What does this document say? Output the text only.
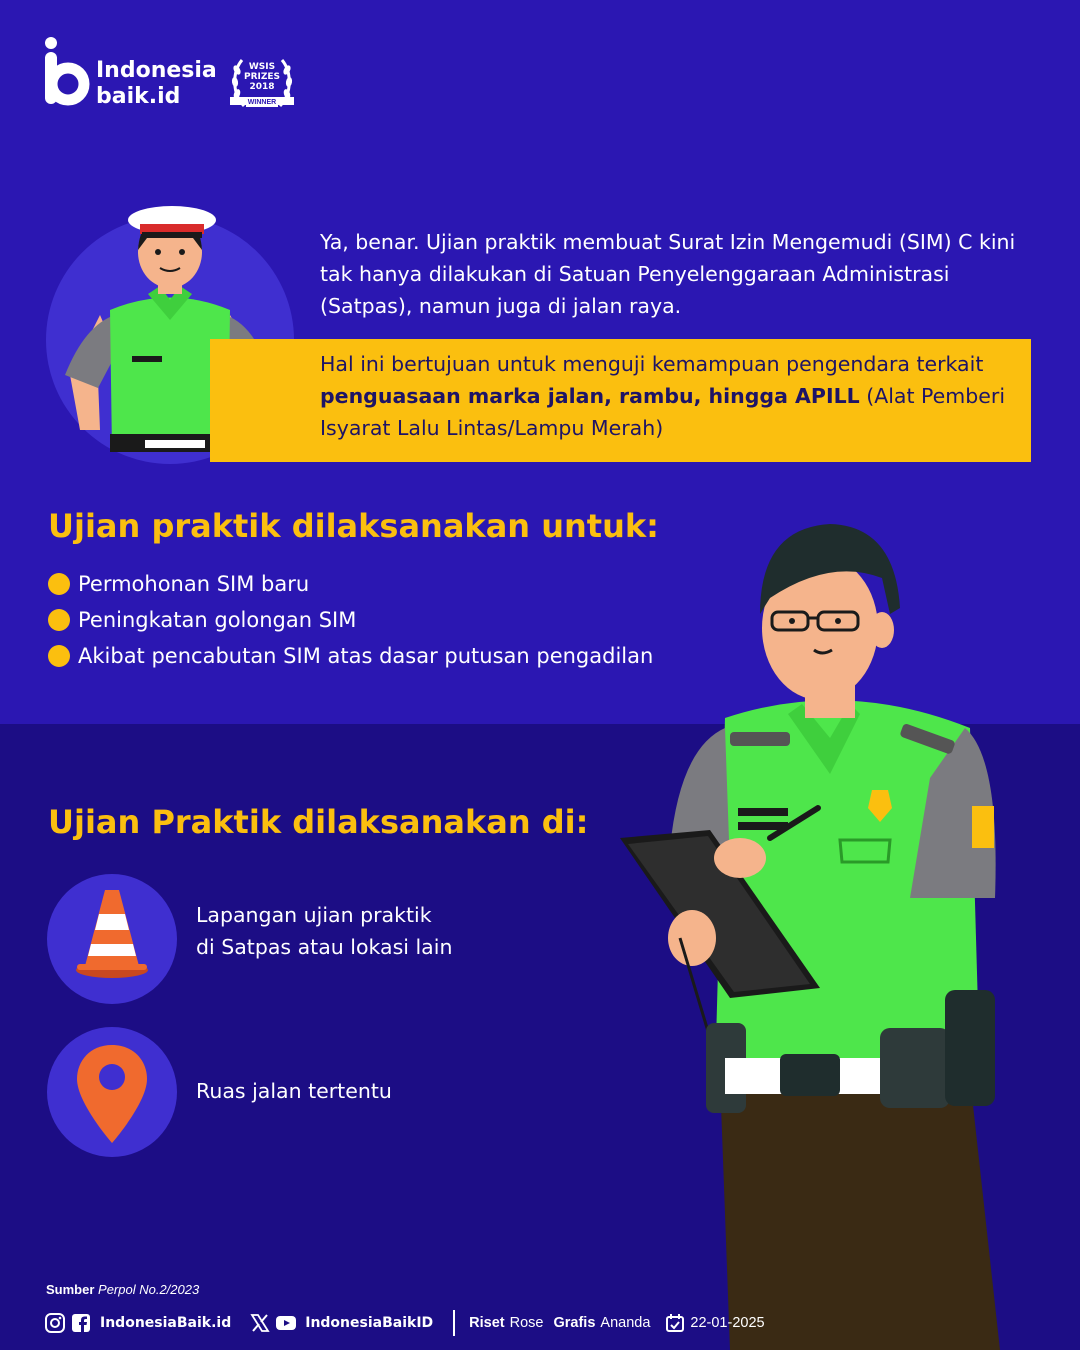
Indonesia
baik.id
WSIS
PRIZES
2018
WINNER
Ya, benar. Ujian praktik membuat Surat Izin Mengemudi (SIM) C kini tak hanya dilakukan di Satuan Penyelenggaraan Administrasi (Satpas), namun juga di jalan raya.
Hal ini bertujuan untuk menguji kemampuan pengendara terkait penguasaan marka jalan, rambu, hingga APILL (Alat Pemberi Isyarat Lalu Lintas/Lampu Merah)
Ujian praktik dilaksanakan untuk:
Permohonan SIM baru
Peningkatan golongan SIM
Akibat pencabutan SIM atas dasar putusan pengadilan
Ujian Praktik dilaksanakan di:
Lapangan ujian praktik
di Satpas atau lokasi lain
Ruas jalan tertentu
Sumber Perpol No.2/2023
IndonesiaBaik.id	IndonesiaBaikID Riset Rose Grafis Ananda	22-01-2025
